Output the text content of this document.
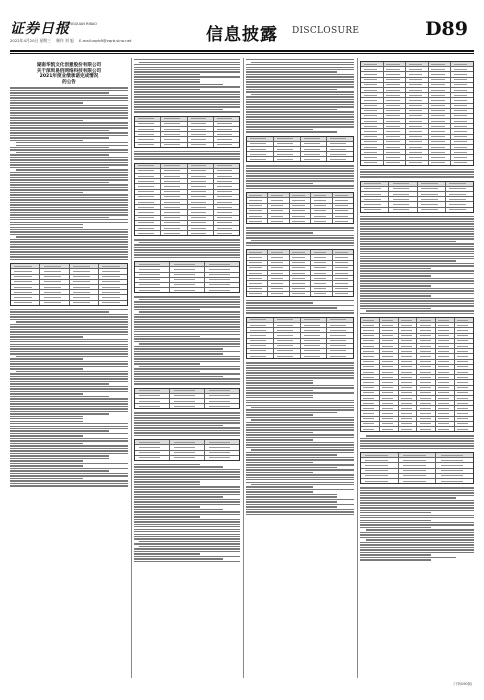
证券日报
ZHENGQUAN RIBAO
2022年4月20日 星期三 制作 刘 旭 E-mail:zqrb9@zqrb.sina.net	信息披露 DISCLOSURE	D89
湖南华凯文化创意股份有限公司
关于深圳易佰网络科技有限公司
2021年度业绩承诺完成情况
的公告
(下转D90版)
